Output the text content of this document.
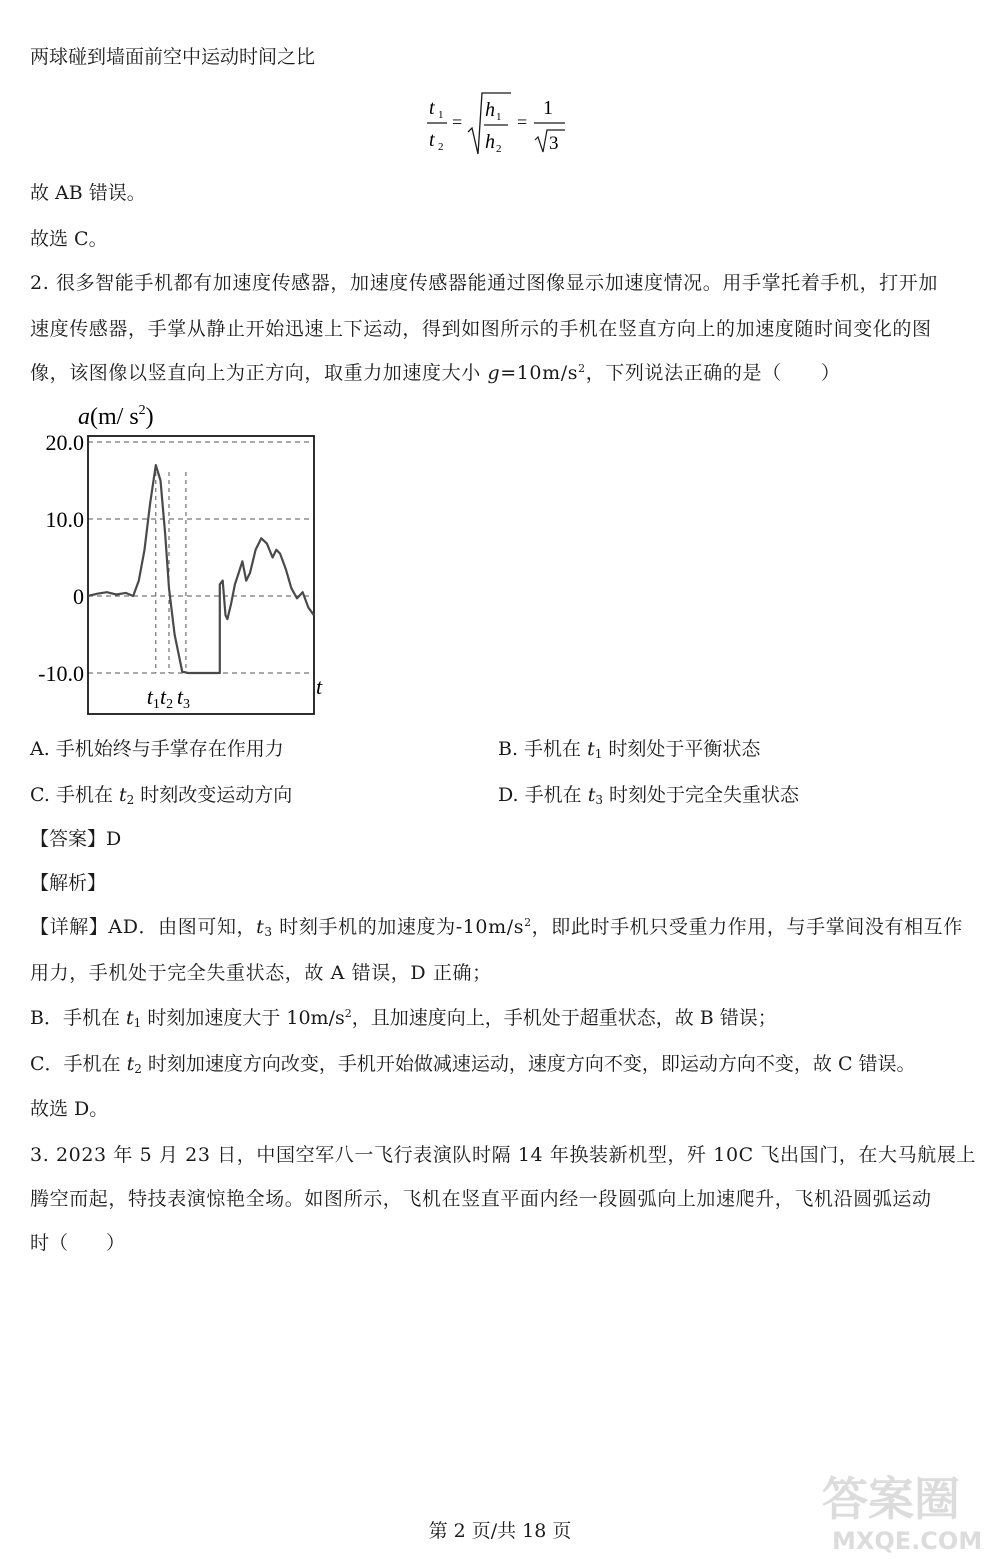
两球碰到墙面前空中运动时间之比
t 1
t 2
=
h 1
h 2
=
1
3
故 AB 错误。
故选 C。
2. 很多智能手机都有加速度传感器，加速度传感器能通过图像显示加速度情况。用手掌托着手机，打开加
速度传感器，手掌从静止开始迅速上下运动，得到如图所示的手机在竖直方向上的加速度随时间变化的图
像，该图像以竖直向上为正方向，取重力加速度大小 $g=10m/s^2$，下列说法正确的是（　　）
a(m/ $s^2$)
20.0
10.0
0
-10.0
t1 t2 t3
t
A. 手机始终与手掌存在作用力	B. 手机在 $t_1$ 时刻处于平衡状态
C. 手机在 $t_2$ 时刻改变运动方向	D. 手机在 $t_3$ 时刻处于完全失重状态
【答案】D
【解析】
【详解】AD．由图可知，$t_3$ 时刻手机的加速度为$-10m/s^2$，即此时手机只受重力作用，与手掌间没有相互作
用力，手机处于完全失重状态，故 A 错误，D 正确；
B．手机在 $t_1$ 时刻加速度大于 $10m/s^2$，且加速度向上，手机处于超重状态，故 B 错误；
C．手机在 $t_2$ 时刻加速度方向改变，手机开始做减速运动，速度方向不变，即运动方向不变，故 C 错误。
故选 D。
3. 2023 年 5 月 23 日，中国空军八一飞行表演队时隔 14 年换装新机型，歼 10C 飞出国门，在大马航展上
腾空而起，特技表演惊艳全场。如图所示，飞机在竖直平面内经一段圆弧向上加速爬升，飞机沿圆弧运动
时（　　）
答案圈
MXQE.COM
第 2 页/共 18 页
